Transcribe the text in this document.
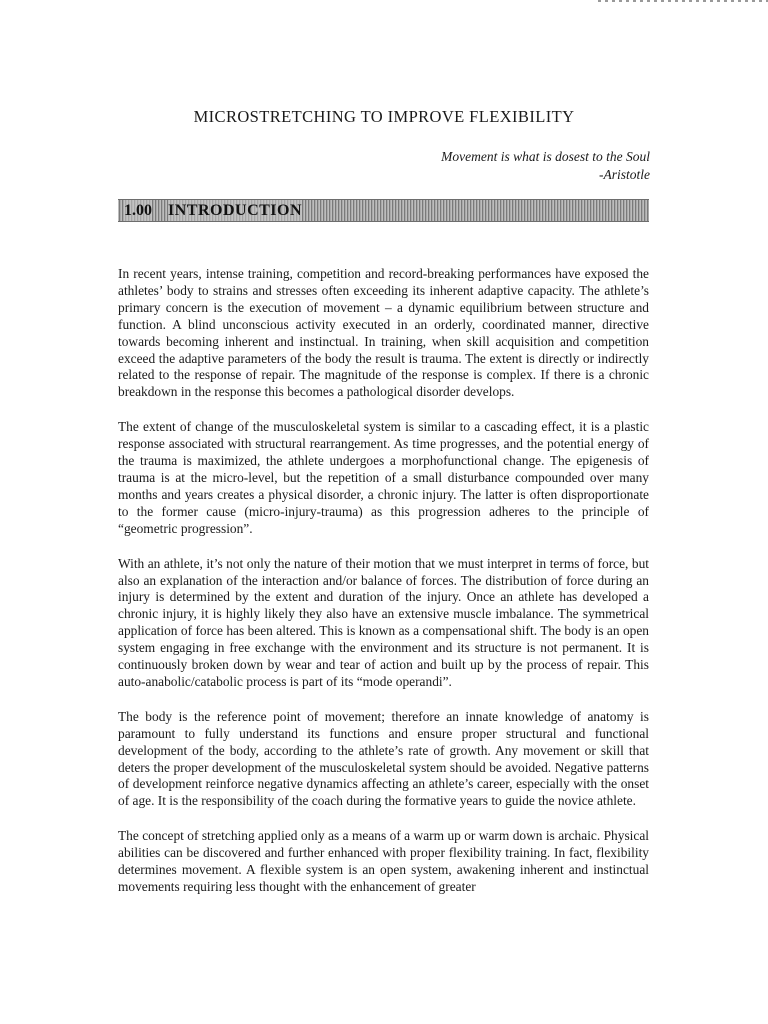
MICROSTRETCHING TO IMPROVE FLEXIBILITY
Movement is what is dosest to the Soul
-Aristotle
1.00 INTRODUCTION

In recent years, intense training, competition and record-breaking performances have exposed the athletes’ body to strains and stresses often exceeding its inherent adaptive capacity. The athlete’s primary concern is the execution of movement – a dynamic equilibrium between structure and function. A blind unconscious activity executed in an orderly, coordinated manner, directive towards becoming inherent and instinctual. In training, when skill acquisition and competition exceed the adaptive parameters of the body the result is trauma. The extent is directly or indirectly related to the response of repair. The magnitude of the response is complex. If there is a chronic breakdown in the response this becomes a pathological disorder develops.

The extent of change of the musculoskeletal system is similar to a cascading effect, it is a plastic response associated with structural rearrangement. As time progresses, and the potential energy of the trauma is maximized, the athlete undergoes a morphofunctional change. The epigenesis of trauma is at the micro-level, but the repetition of a small disturbance compounded over many months and years creates a physical disorder, a chronic injury. The latter is often disproportionate to the former cause (micro-injury-trauma) as this progression adheres to the principle of “geometric progression”.

With an athlete, it’s not only the nature of their motion that we must interpret in terms of force, but also an explanation of the interaction and/or balance of forces. The distribution of force during an injury is determined by the extent and duration of the injury. Once an athlete has developed a chronic injury, it is highly likely they also have an extensive muscle imbalance. The symmetrical application of force has been altered. This is known as a compensational shift. The body is an open system engaging in free exchange with the environment and its structure is not permanent. It is continuously broken down by wear and tear of action and built up by the process of repair. This auto-anabolic/catabolic process is part of its “mode operandi”.

The body is the reference point of movement; therefore an innate knowledge of anatomy is paramount to fully understand its functions and ensure proper structural and functional development of the body, according to the athlete’s rate of growth. Any movement or skill that deters the proper development of the musculoskeletal system should be avoided. Negative patterns of development reinforce negative dynamics affecting an athlete’s career, especially with the onset of age. It is the responsibility of the coach during the formative years to guide the novice athlete.

The concept of stretching applied only as a means of a warm up or warm down is archaic. Physical abilities can be discovered and further enhanced with proper flexibility training. In fact, flexibility determines movement. A flexible system is an open system, awakening inherent and instinctual movements requiring less thought with the enhancement of greater
